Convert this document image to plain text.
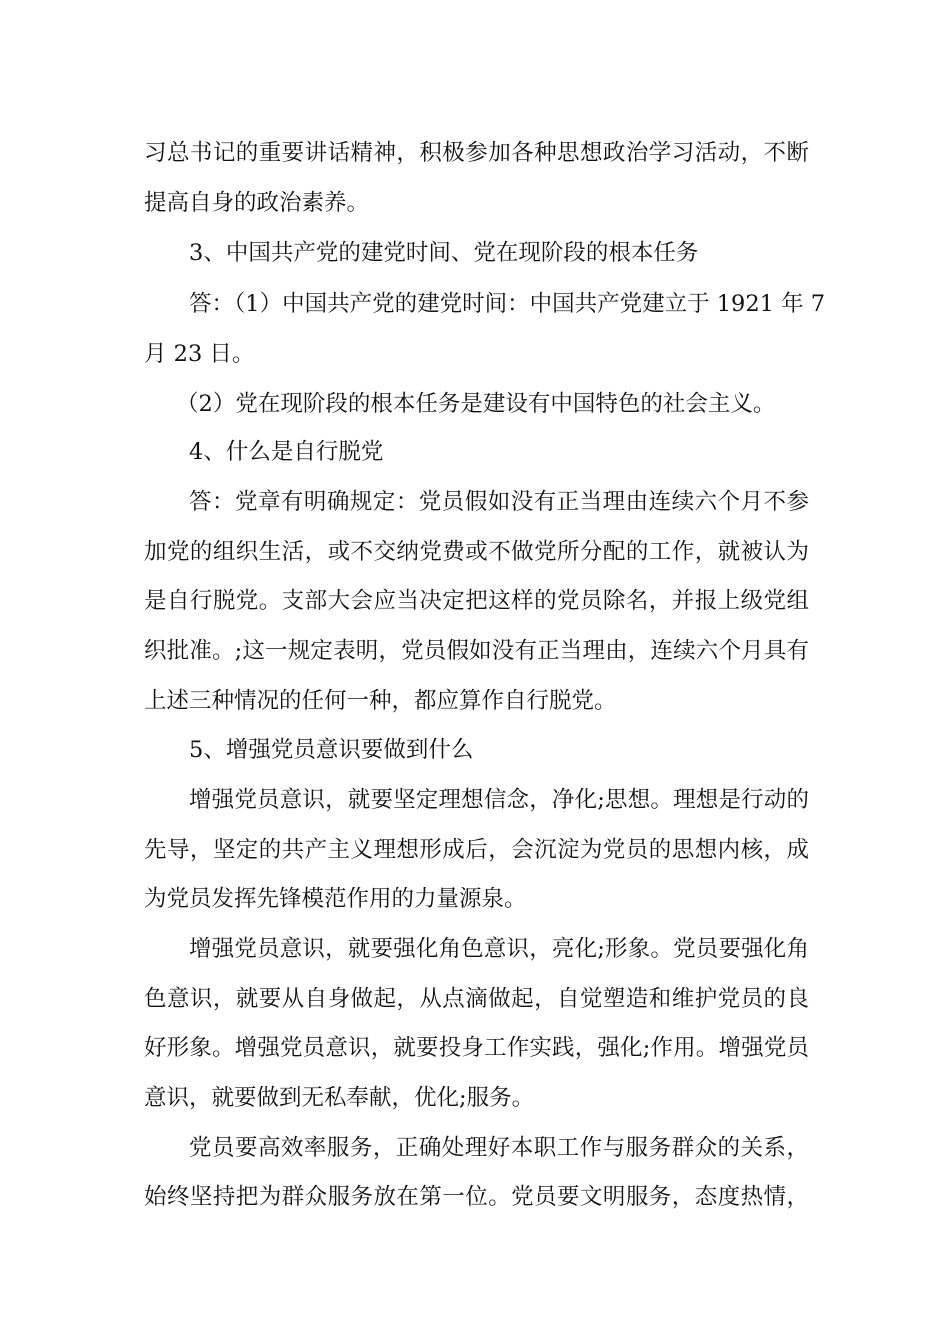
习总书记的重要讲话精神，积极参加各种思想政治学习活动，不断
提高自身的政治素养。
3、中国共产党的建党时间、党在现阶段的根本任务
答：（1）中国共产党的建党时间：中国共产党建立于 1921 年 7
月 23 日。
（2）党在现阶段的根本任务是建设有中国特色的社会主义。
4、什么是自行脱党
答：党章有明确规定：党员假如没有正当理由连续六个月不参
加党的组织生活，或不交纳党费或不做党所分配的工作，就被认为
是自行脱党。支部大会应当决定把这样的党员除名，并报上级党组
织批准。;这一规定表明，党员假如没有正当理由，连续六个月具有
上述三种情况的任何一种，都应算作自行脱党。
5、增强党员意识要做到什么
增强党员意识，就要坚定理想信念，净化;思想。理想是行动的
先导，坚定的共产主义理想形成后，会沉淀为党员的思想内核，成
为党员发挥先锋模范作用的力量源泉。
增强党员意识，就要强化角色意识，亮化;形象。党员要强化角
色意识，就要从自身做起，从点滴做起，自觉塑造和维护党员的良
好形象。增强党员意识，就要投身工作实践，强化;作用。增强党员
意识，就要做到无私奉献，优化;服务。
党员要高效率服务，正确处理好本职工作与服务群众的关系，
始终坚持把为群众服务放在第一位。党员要文明服务，态度热情，
